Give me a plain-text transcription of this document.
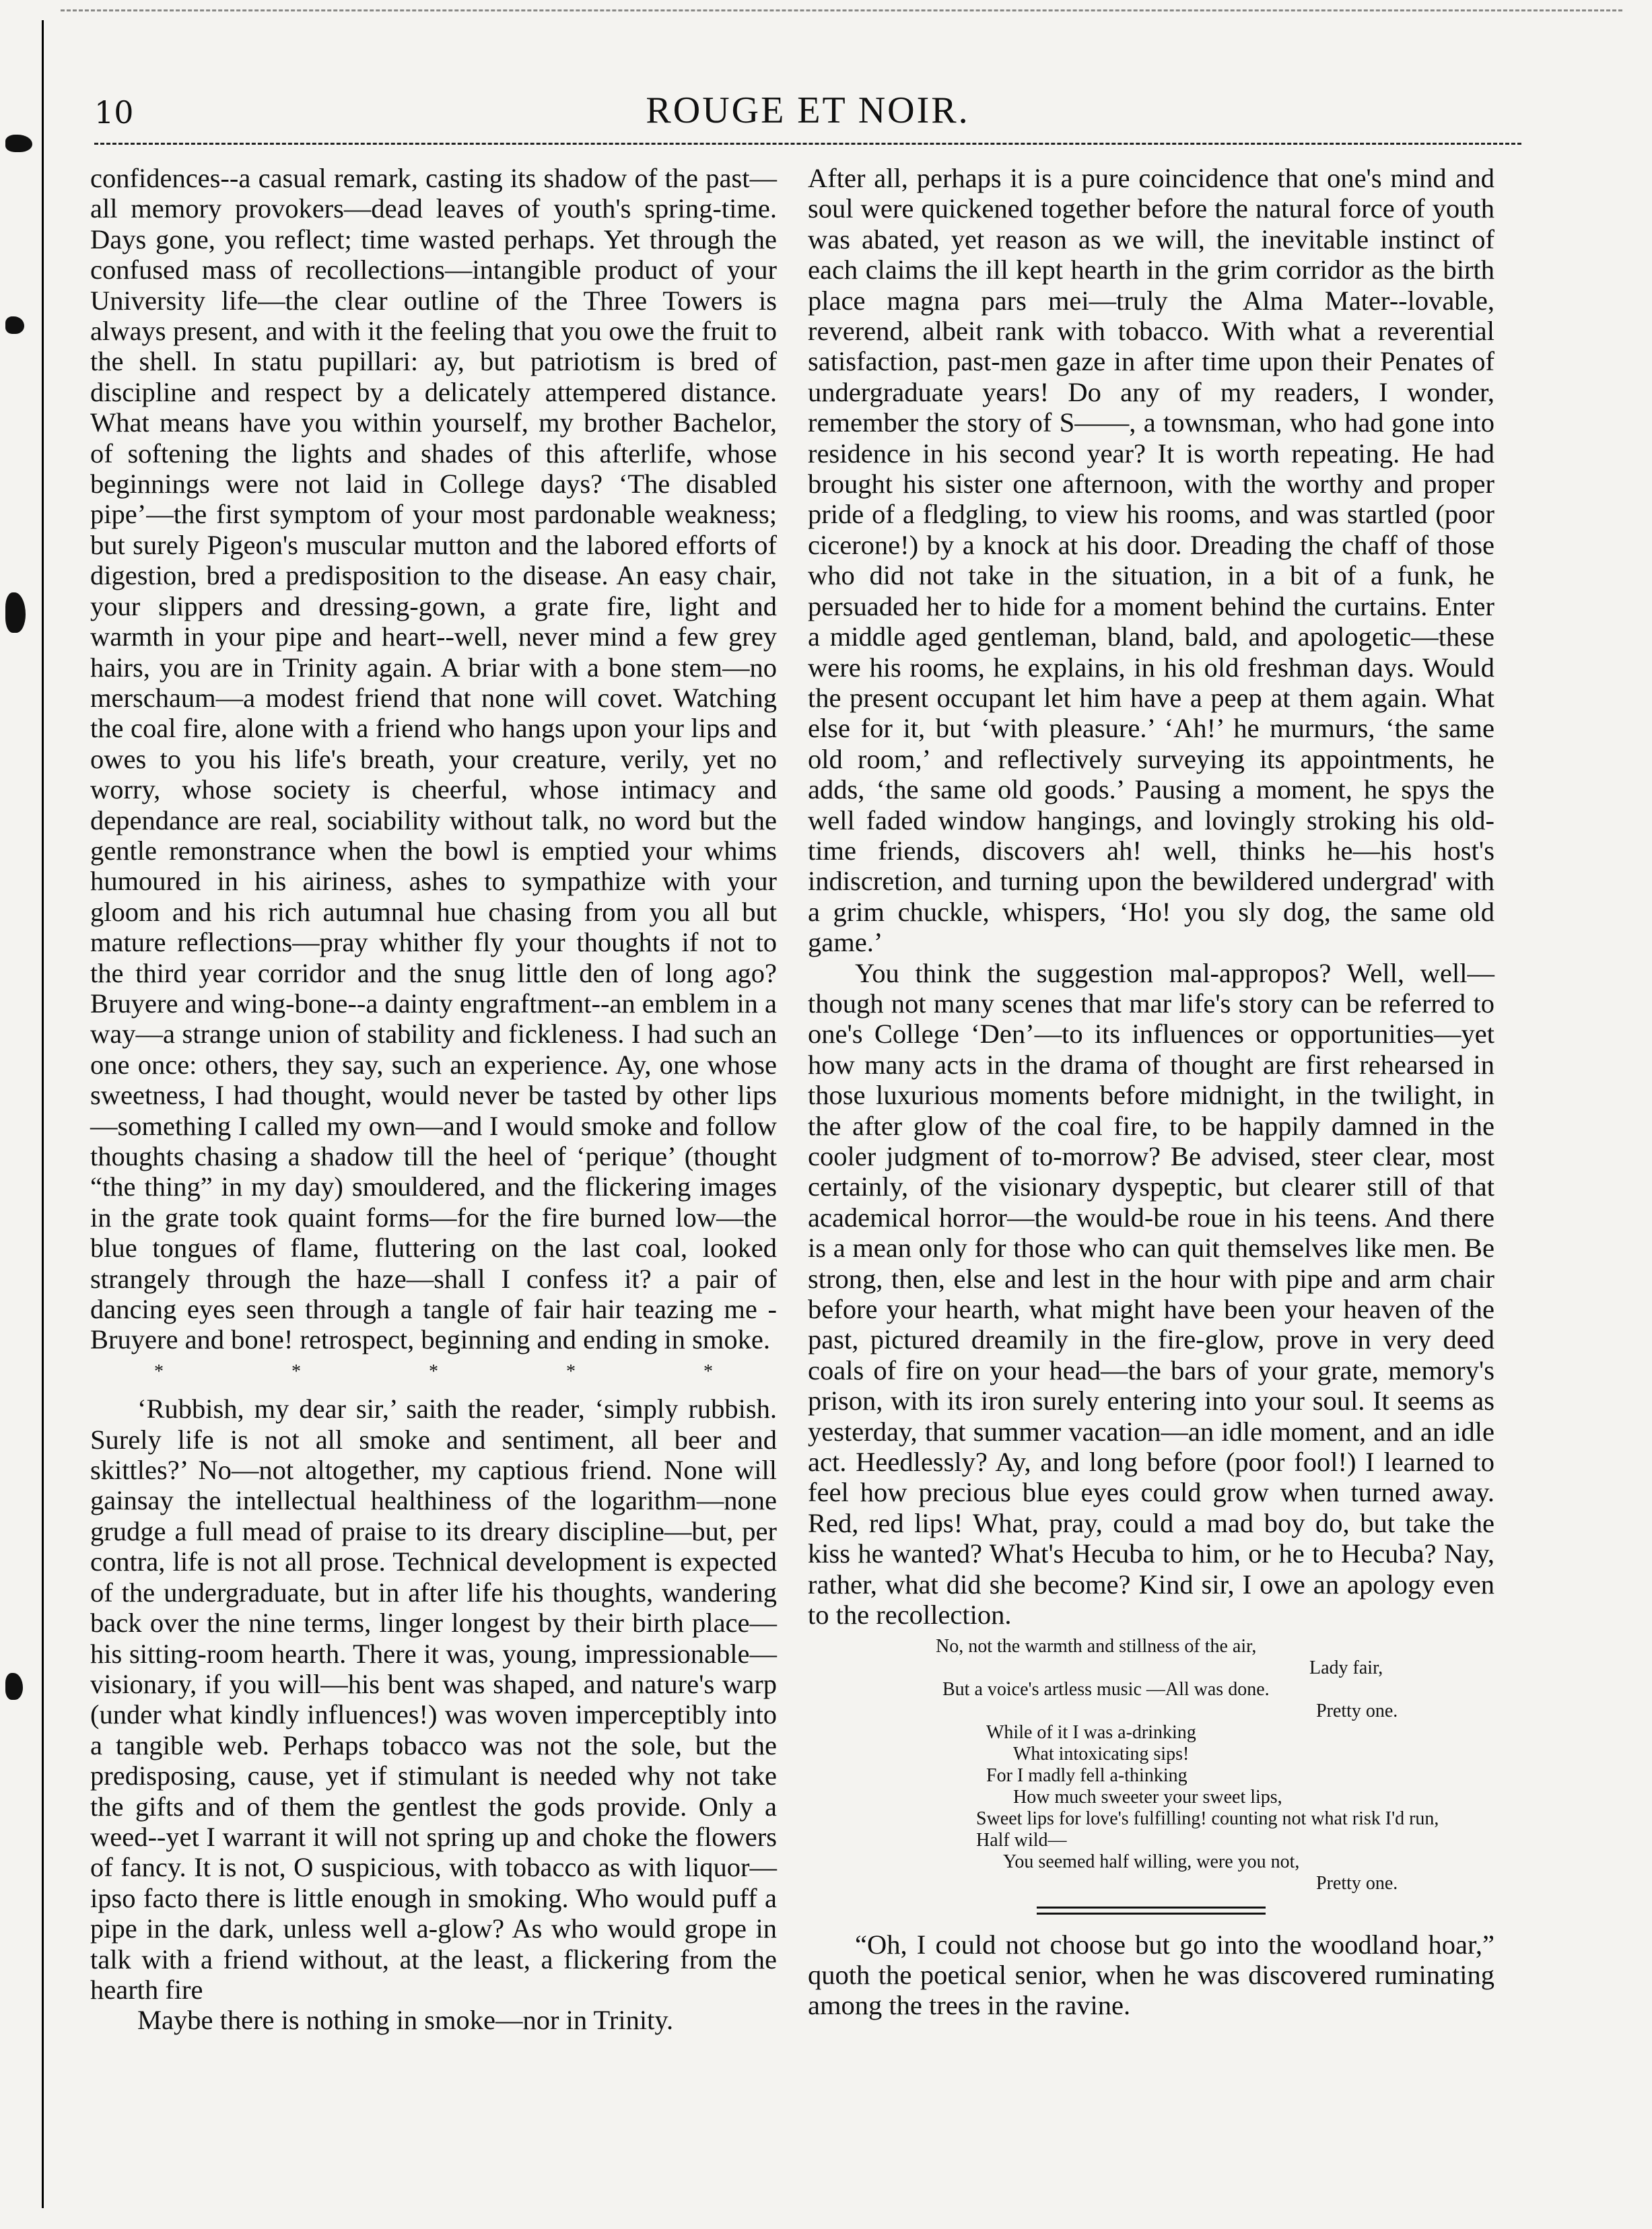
10	ROUGE ET NOIR.

confidences--a casual remark, casting its shadow of the past—all memory provokers—dead leaves of youth's spring-time. Days gone, you reflect; time wasted perhaps. Yet through the confused mass of recollections—intangible product of your University life—the clear outline of the Three Towers is always present, and with it the feeling that you owe the fruit to the shell. In statu pupillari: ay, but patriotism is bred of discipline and respect by a delicately attempered distance. What means have you within yourself, my brother Bachelor, of softening the lights and shades of this afterlife, whose beginnings were not laid in College days? ‘The disabled pipe’—the first symptom of your most pardonable weakness; but surely Pigeon's muscular mutton and the labored efforts of digestion, bred a predisposition to the disease. An easy chair, your slippers and dressing-gown, a grate fire, light and warmth in your pipe and heart--well, never mind a few grey hairs, you are in Trinity again. A briar with a bone stem—no merschaum—a modest friend that none will covet. Watching the coal fire, alone with a friend who hangs upon your lips and owes to you his life's breath, your creature, verily, yet no worry, whose society is cheerful, whose intimacy and dependance are real, sociability without talk, no word but the gentle remonstrance when the bowl is emptied your whims humoured in his airiness, ashes to sympathize with your gloom and his rich autumnal hue chasing from you all but mature reflections—pray whither fly your thoughts if not to the third year corridor and the snug little den of long ago? Bruyere and wing-bone--a dainty engraftment--an emblem in a way—a strange union of stability and fickleness. I had such an one once: others, they say, such an experience. Ay, one whose sweetness, I had thought, would never be tasted by other lips—something I called my own—and I would smoke and follow thoughts chasing a shadow till the heel of ‘perique’ (thought “the thing” in my day) smouldered, and the flickering images in the grate took quaint forms—for the fire burned low—the blue tongues of flame, fluttering on the last coal, looked strangely through the haze—shall I confess it? a pair of dancing eyes seen through a tangle of fair hair teazing me - Bruyere and bone! retrospect, beginning and ending in smoke.

*	*	*	*	*

‘Rubbish, my dear sir,’ saith the reader, ‘simply rubbish. Surely life is not all smoke and sentiment, all beer and skittles?’ No—not altogether, my captious friend. None will gainsay the intellectual healthiness of the logarithm—none grudge a full mead of praise to its dreary discipline—but, per contra, life is not all prose. Technical development is expected of the undergraduate, but in after life his thoughts, wandering back over the nine terms, linger longest by their birth place—his sitting-room hearth. There it was, young, impressionable—visionary, if you will—his bent was shaped, and nature's warp (under what kindly influences!) was woven imperceptibly into a tangible web. Perhaps tobacco was not the sole, but the predisposing, cause, yet if stimulant is needed why not take the gifts and of them the gentlest the gods provide. Only a weed--yet I warrant it will not spring up and choke the flowers of fancy. It is not, O suspicious, with tobacco as with liquor—ipso facto there is little enough in smoking. Who would puff a pipe in the dark, unless well a-glow? As who would grope in talk with a friend without, at the least, a flickering from the hearth fire

Maybe there is nothing in smoke—nor in Trinity.

After all, perhaps it is a pure coincidence that one's mind and soul were quickened together before the natural force of youth was abated, yet reason as we will, the inevitable instinct of each claims the ill kept hearth in the grim corridor as the birth place magna pars mei—truly the Alma Mater--lovable, reverend, albeit rank with tobacco. With what a reverential satisfaction, past-men gaze in after time upon their Penates of undergraduate years! Do any of my readers, I wonder, remember the story of S——, a townsman, who had gone into residence in his second year? It is worth repeating. He had brought his sister one afternoon, with the worthy and proper pride of a fledgling, to view his rooms, and was startled (poor cicerone!) by a knock at his door. Dreading the chaff of those who did not take in the situation, in a bit of a funk, he persuaded her to hide for a moment behind the curtains. Enter a middle aged gentleman, bland, bald, and apologetic—these were his rooms, he explains, in his old freshman days. Would the present occupant let him have a peep at them again. What else for it, but ‘with pleasure.’ ‘Ah!’ he murmurs, ‘the same old room,’ and reflectively surveying its appointments, he adds, ‘the same old goods.’ Pausing a moment, he spys the well faded window hangings, and lovingly stroking his old-time friends, discovers ah! well, thinks he—his host's indiscretion, and turning upon the bewildered undergrad' with a grim chuckle, whispers, ‘Ho! you sly dog, the same old game.’

You think the suggestion mal-appropos? Well, well—though not many scenes that mar life's story can be referred to one's College ‘Den’—to its influences or opportunities—yet how many acts in the drama of thought are first rehearsed in those luxurious moments before midnight, in the twilight, in the after glow of the coal fire, to be happily damned in the cooler judgment of to-morrow? Be advised, steer clear, most certainly, of the visionary dyspeptic, but clearer still of that academical horror—the would-be roue in his teens. And there is a mean only for those who can quit themselves like men. Be strong, then, else and lest in the hour with pipe and arm chair before your hearth, what might have been your heaven of the past, pictured dreamily in the fire-glow, prove in very deed coals of fire on your head—the bars of your grate, memory's prison, with its iron surely entering into your soul. It seems as yesterday, that summer vacation—an idle moment, and an idle act. Heedlessly? Ay, and long before (poor fool!) I learned to feel how precious blue eyes could grow when turned away. Red, red lips! What, pray, could a mad boy do, but take the kiss he wanted? What's Hecuba to him, or he to Hecuba? Nay, rather, what did she become? Kind sir, I owe an apology even to the recollection.

No, not the warmth and stillness of the air,
Lady fair,
But a voice's artless music —All was done.
Pretty one.
While of it I was a-drinking
What intoxicating sips!
For I madly fell a-thinking
How much sweeter your sweet lips,
Sweet lips for love's fulfilling! counting not what risk I'd run,
Half wild—
You seemed half willing, were you not,
Pretty one.

“Oh, I could not choose but go into the woodland hoar,” quoth the poetical senior, when he was discovered ruminating among the trees in the ravine.
